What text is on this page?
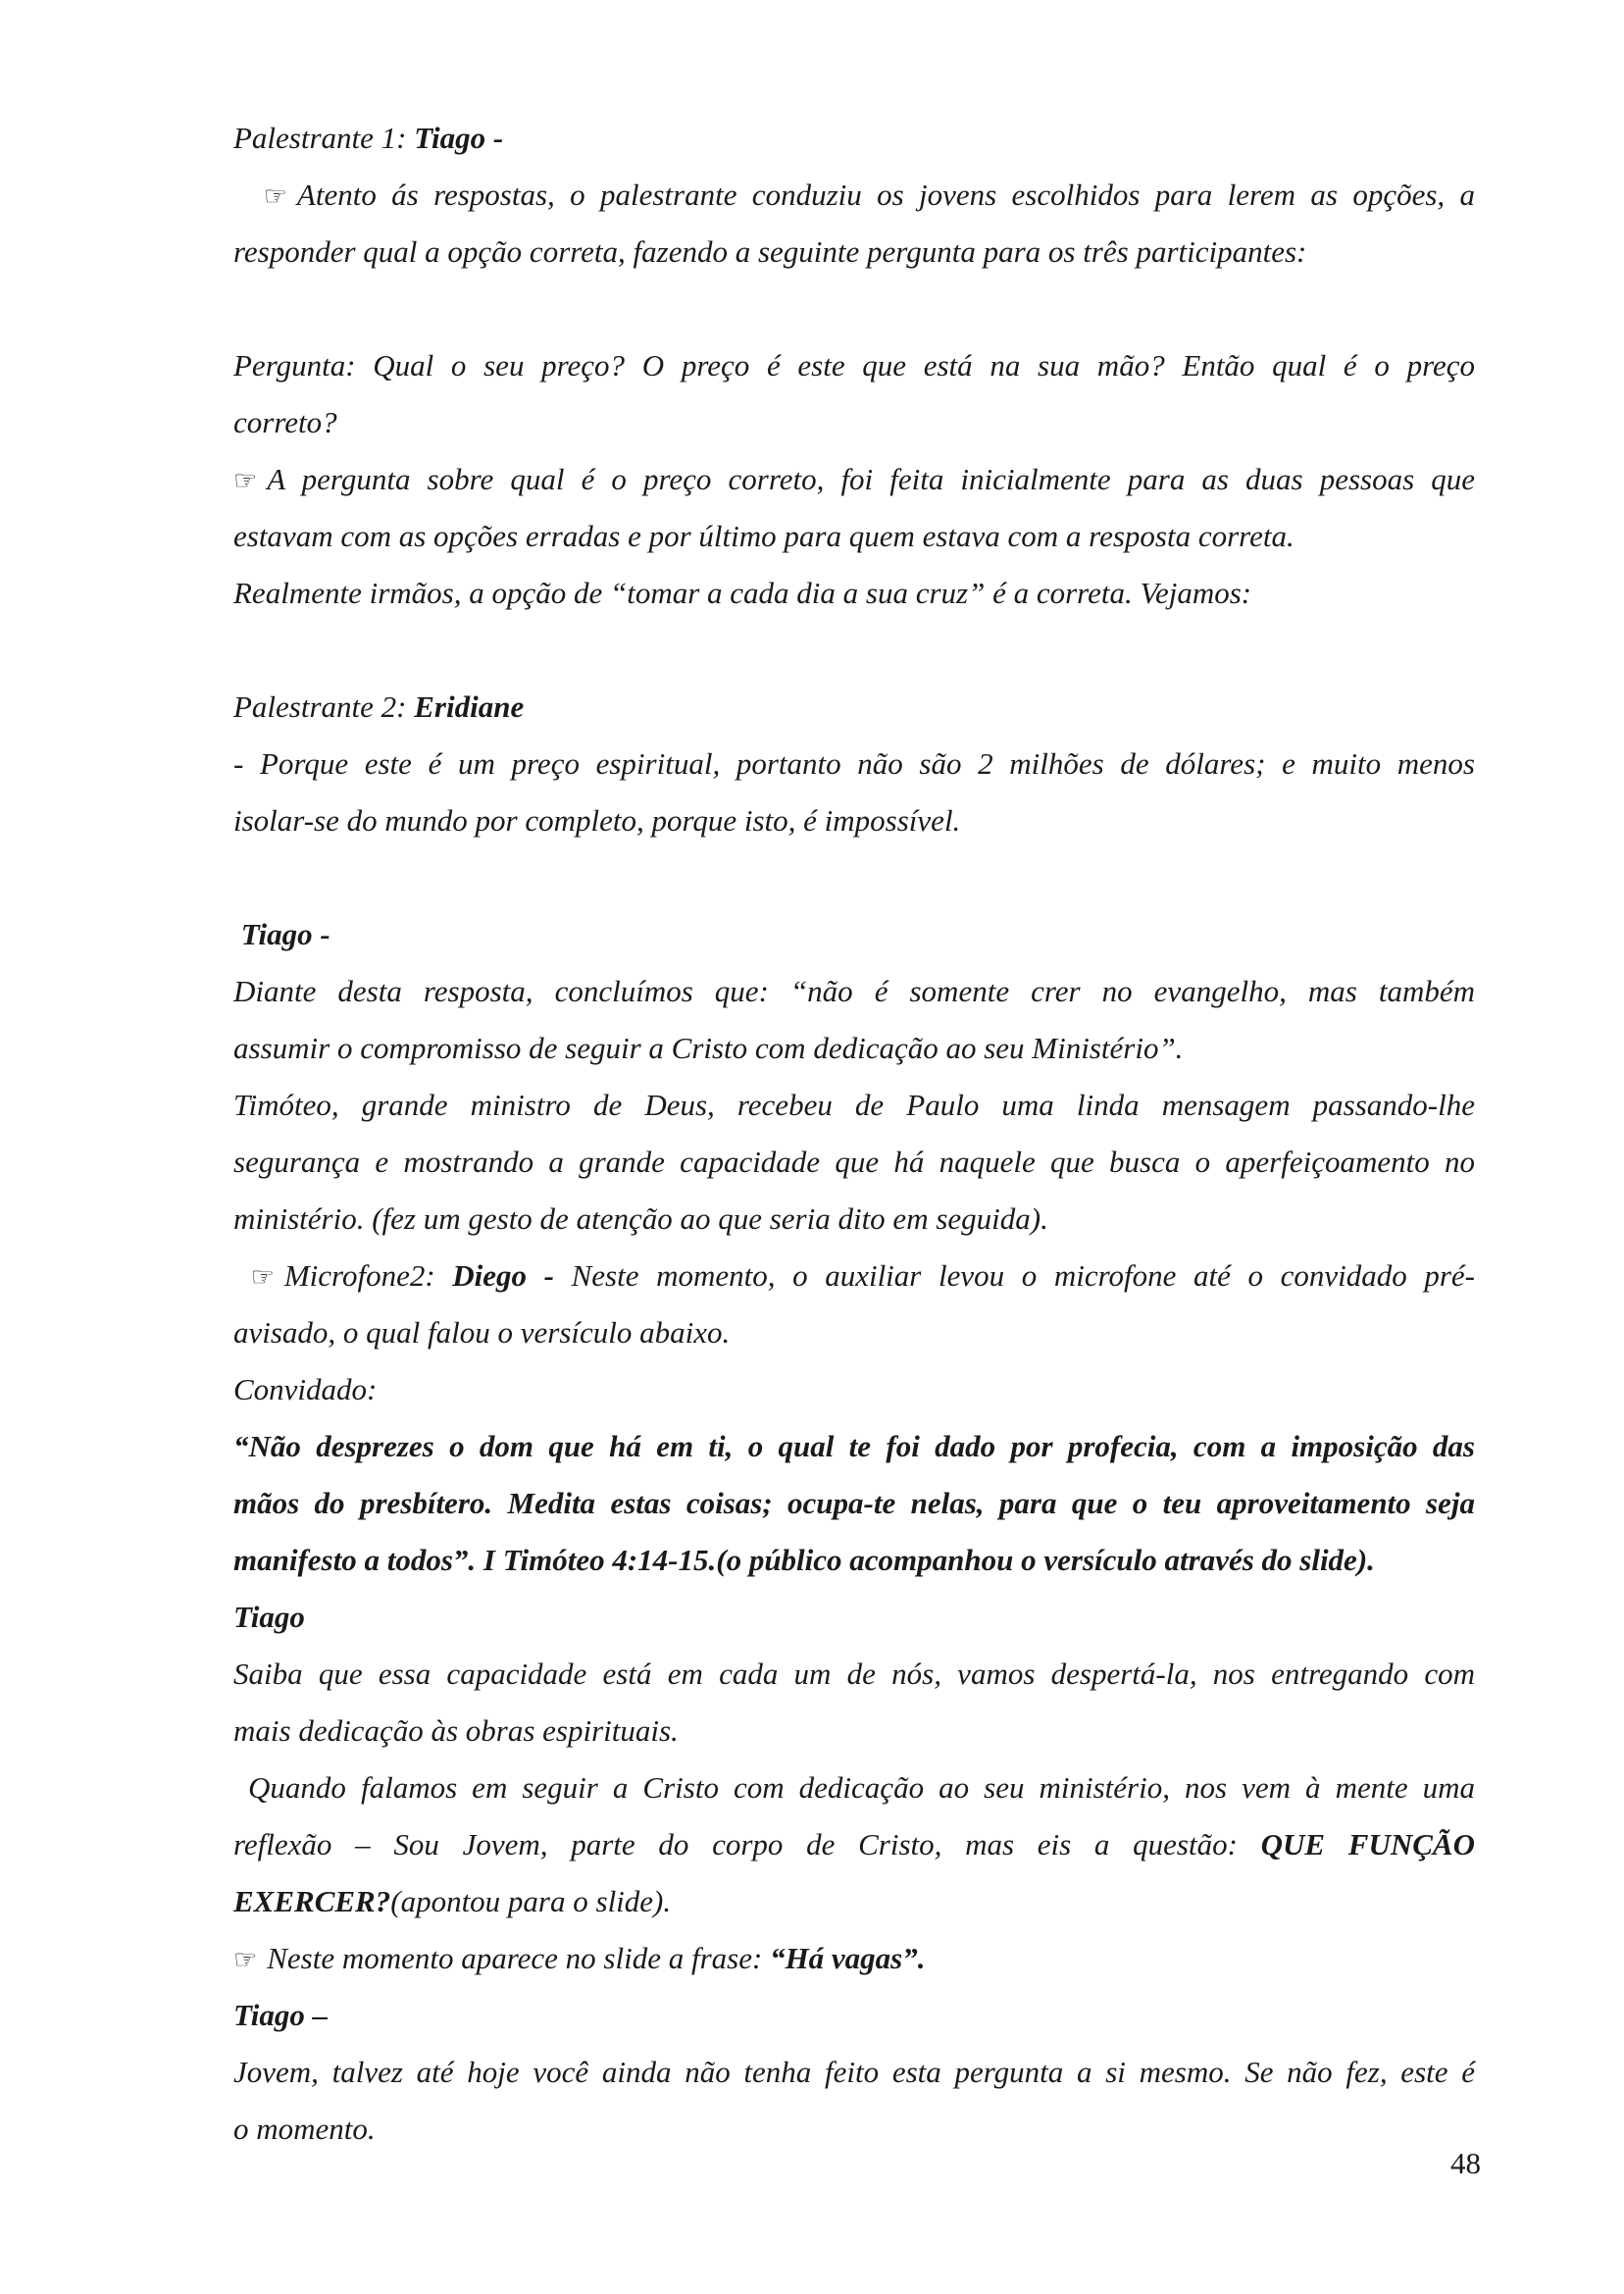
Palestrante 1: Tiago -
☞ Atento ás respostas, o palestrante conduziu os jovens escolhidos para lerem as opções, a
responder qual a opção correta, fazendo a seguinte pergunta para os três participantes:
Pergunta: Qual o seu preço? O preço é este que está na sua mão? Então qual é o preço
correto?
☞ A pergunta sobre qual é o preço correto, foi feita inicialmente para as duas pessoas que
estavam com as opções erradas e por último para quem estava com a resposta correta.
Realmente irmãos, a opção de “tomar a cada dia a sua cruz” é a correta. Vejamos:
Palestrante 2: Eridiane
- Porque este é um preço espiritual, portanto não são 2 milhões de dólares; e muito menos
isolar-se do mundo por completo, porque isto, é impossível.
Tiago -
Diante desta resposta, concluímos que: “não é somente crer no evangelho, mas também
assumir o compromisso de seguir a Cristo com dedicação ao seu Ministério”.
Timóteo, grande ministro de Deus, recebeu de Paulo uma linda mensagem passando-lhe
segurança e mostrando a grande capacidade que há naquele que busca o aperfeiçoamento no
ministério. (fez um gesto de atenção ao que seria dito em seguida).
☞ Microfone2: Diego - Neste momento, o auxiliar levou o microfone até o convidado pré-
avisado, o qual falou o versículo abaixo.
Convidado:
“Não desprezes o dom que há em ti, o qual te foi dado por profecia, com a imposição das
mãos do presbítero. Medita estas coisas; ocupa-te nelas, para que o teu aproveitamento seja
manifesto a todos”. I Timóteo 4:14-15.(o público acompanhou o versículo através do slide).
Tiago
Saiba que essa capacidade está em cada um de nós, vamos despertá-la, nos entregando com
mais dedicação às obras espirituais.
Quando falamos em seguir a Cristo com dedicação ao seu ministério, nos vem à mente uma
reflexão – Sou Jovem, parte do corpo de Cristo, mas eis a questão: QUE FUNÇÃO
EXERCER?(apontou para o slide).
☞ Neste momento aparece no slide a frase: “Há vagas”.
Tiago –
Jovem, talvez até hoje você ainda não tenha feito esta pergunta a si mesmo. Se não fez, este é
o momento.
48
